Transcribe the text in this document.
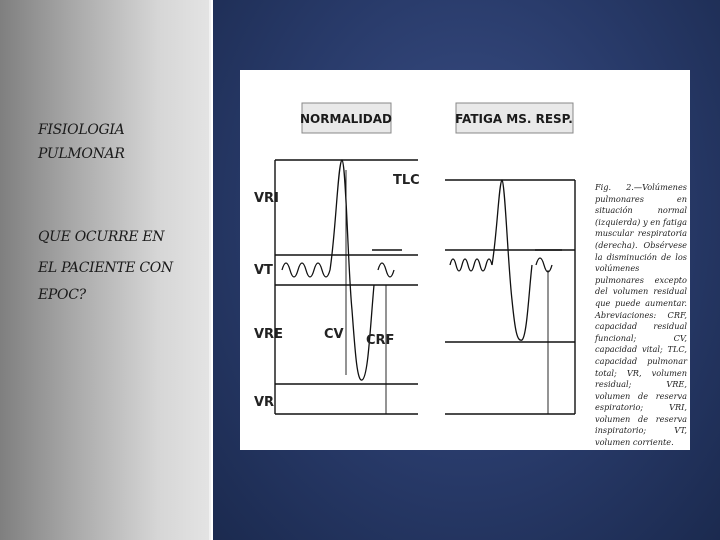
FISIOLOGIA

PULMONAR

QUE OCURRE EN

EL PACIENTE CON

EPOC?

NORMALIDAD	FATIGA MS. RESP.
VRI
VT
VRE
VR
TLC
CV CRF

Fig. 2.—Volúmenes pulmonares en situación normal (izquierda) y en fatiga muscular respiratoria (derecha). Obsérvese la disminución de los volúmenes pulmonares excepto del volumen residual que puede aumentar. Abreviaciones: CRF, capacidad residual funcional; CV, capacidad vital; TLC, capacidad pulmonar total; VR, volumen residual; VRE, volumen de reserva espiratorio; VRI, volumen de reserva inspiratorio; VT, volumen corriente.
